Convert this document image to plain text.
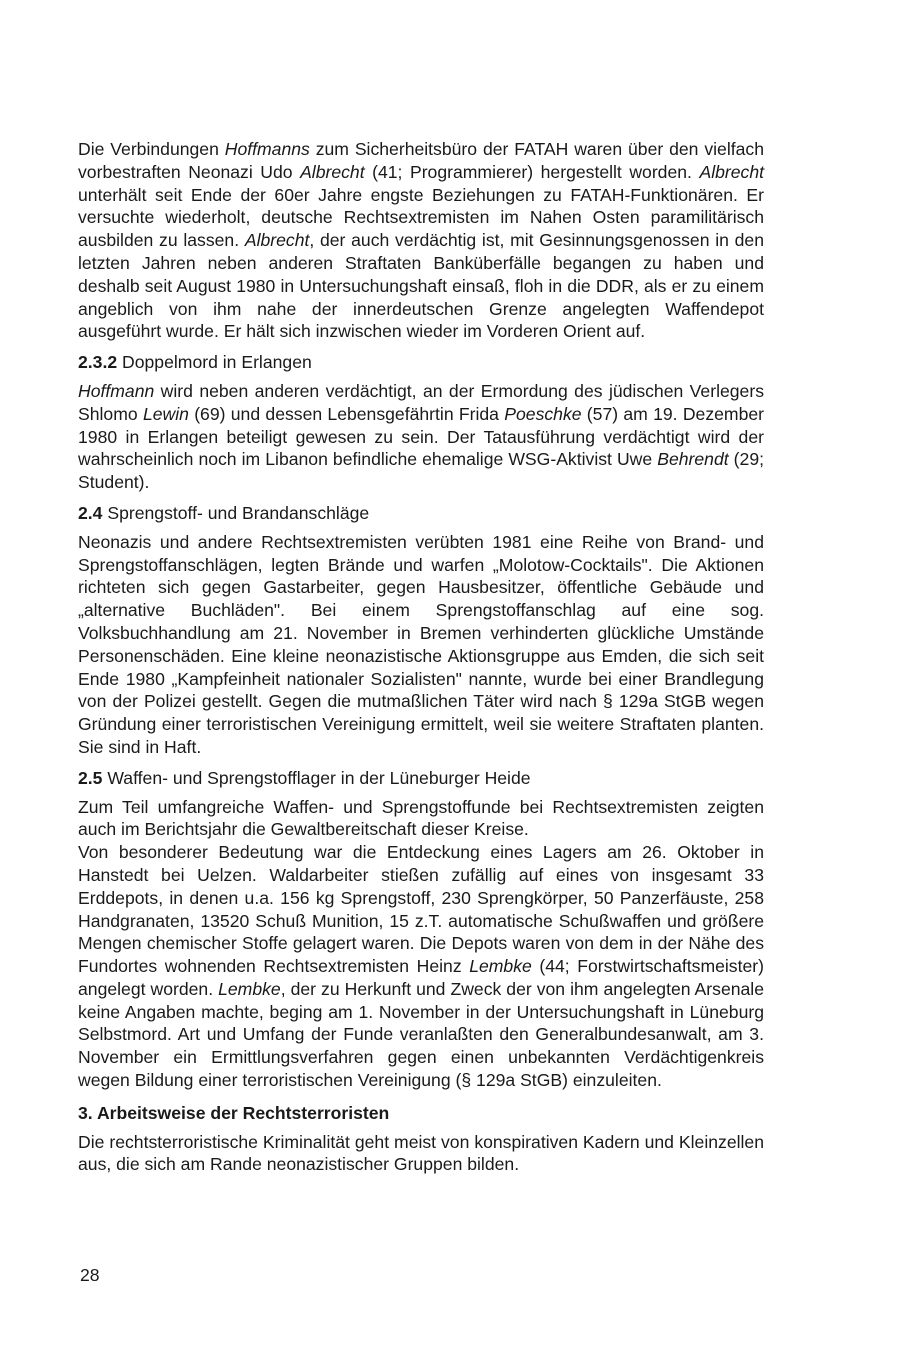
Die Verbindungen Hoffmanns zum Sicherheitsbüro der FATAH waren über den vielfach vorbestraften Neonazi Udo Albrecht (41; Programmierer) hergestellt worden. Albrecht unterhält seit Ende der 60er Jahre engste Beziehungen zu FATAH-Funktionären. Er versuchte wiederholt, deutsche Rechtsextremisten im Nahen Osten paramilitärisch ausbilden zu lassen. Albrecht, der auch verdächtig ist, mit Gesinnungsgenossen in den letzten Jahren neben anderen Straftaten Banküberfälle begangen zu haben und deshalb seit August 1980 in Untersuchungshaft einsaß, floh in die DDR, als er zu einem angeblich von ihm nahe der innerdeutschen Grenze angelegten Waffendepot ausgeführt wurde. Er hält sich inzwischen wieder im Vorderen Orient auf.

2.3.2 Doppelmord in Erlangen

Hoffmann wird neben anderen verdächtigt, an der Ermordung des jüdischen Verlegers Shlomo Lewin (69) und dessen Lebensgefährtin Frida Poeschke (57) am 19. Dezember 1980 in Erlangen beteiligt gewesen zu sein. Der Tatausführung verdächtigt wird der wahrscheinlich noch im Libanon befindliche ehemalige WSG-Aktivist Uwe Behrendt (29; Student).

2.4 Sprengstoff- und Brandanschläge

Neonazis und andere Rechtsextremisten verübten 1981 eine Reihe von Brand- und Sprengstoffanschlägen, legten Brände und warfen „Molotow-Cocktails". Die Aktionen richteten sich gegen Gastarbeiter, gegen Hausbesitzer, öffentliche Gebäude und „alternative Buchläden". Bei einem Sprengstoffanschlag auf eine sog. Volksbuchhandlung am 21. November in Bremen verhinderten glückliche Umstände Personenschäden. Eine kleine neonazistische Aktionsgruppe aus Emden, die sich seit Ende 1980 „Kampfeinheit nationaler Sozialisten" nannte, wurde bei einer Brandlegung von der Polizei gestellt. Gegen die mutmaßlichen Täter wird nach § 129a StGB wegen Gründung einer terroristischen Vereinigung ermittelt, weil sie weitere Straftaten planten. Sie sind in Haft.

2.5 Waffen- und Sprengstofflager in der Lüneburger Heide

Zum Teil umfangreiche Waffen- und Sprengstoffunde bei Rechtsextremisten zeigten auch im Berichtsjahr die Gewaltbereitschaft dieser Kreise.

Von besonderer Bedeutung war die Entdeckung eines Lagers am 26. Oktober in Hanstedt bei Uelzen. Waldarbeiter stießen zufällig auf eines von insgesamt 33 Erddepots, in denen u.a. 156 kg Sprengstoff, 230 Sprengkörper, 50 Panzerfäuste, 258 Handgranaten, 13520 Schuß Munition, 15 z.T. automatische Schußwaffen und größere Mengen chemischer Stoffe gelagert waren. Die Depots waren von dem in der Nähe des Fundortes wohnenden Rechtsextremisten Heinz Lembke (44; Forstwirtschaftsmeister) angelegt worden. Lembke, der zu Herkunft und Zweck der von ihm angelegten Arsenale keine Angaben machte, beging am 1. November in der Untersuchungshaft in Lüneburg Selbstmord. Art und Umfang der Funde veranlaßten den Generalbundesanwalt, am 3. November ein Ermittlungsverfahren gegen einen unbekannten Verdächtigenkreis wegen Bildung einer terroristischen Vereinigung (§ 129a StGB) einzuleiten.

3. Arbeitsweise der Rechtsterroristen

Die rechtsterroristische Kriminalität geht meist von konspirativen Kadern und Kleinzellen aus, die sich am Rande neonazistischer Gruppen bilden.

28
